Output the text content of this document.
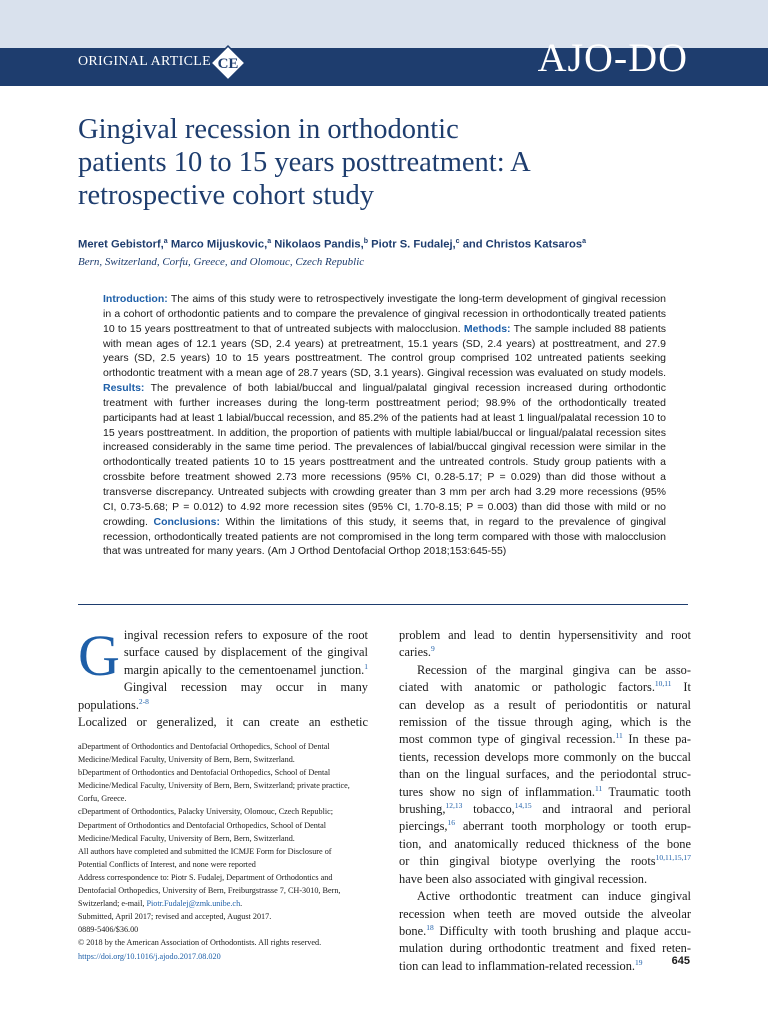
ORIGINAL ARTICLE CE	AJO-DO
Gingival recession in orthodontic
patients 10 to 15 years posttreatment: A
retrospective cohort study
Meret Gebistorf,$^a$ Marco Mijuskovic,$^a$ Nikolaos Pandis,$^b$ Piotr S. Fudalej,$^c$ and Christos Katsaros$^a$
Bern, Switzerland, Corfu, Greece, and Olomouc, Czech Republic

Introduction: The aims of this study were to retrospectively investigate the long-term development of gingival recession in a cohort of orthodontic patients and to compare the prevalence of gingival recession in orthodontically treated patients 10 to 15 years posttreatment to that of untreated subjects with malocclusion. Methods: The sample included 88 patients with mean ages of 12.1 years (SD, 2.4 years) at pretreatment, 15.1 years (SD, 2.4 years) at posttreatment, and 27.9 years (SD, 2.5 years) 10 to 15 years posttreatment. The control group comprised 102 untreated patients seeking orthodontic treatment with a mean age of 28.7 years (SD, 3.1 years). Gingival recession was evaluated on study models. Results: The prevalence of both labial/buccal and lingual/palatal gingival recession increased during orthodontic treatment with further increases during the long-term posttreatment period; 98.9% of the orthodontically treated participants had at least 1 labial/buccal recession, and 85.2% of the patients had at least 1 lingual/palatal recession 10 to 15 years posttreatment. In addition, the proportion of patients with multiple labial/buccal or lingual/palatal recession sites increased considerably in the same time period. The prevalences of labial/buccal gingival recession were similar in the orthodontically treated patients 10 to 15 years posttreatment and the untreated controls. Study group patients with a crossbite before treatment showed 2.73 more recessions (95% CI, 0.28-5.17; P = 0.029) than did those without a transverse discrepancy. Untreated subjects with crowding greater than 3 mm per arch had 3.29 more recessions (95% CI, 0.73-5.68; P = 0.012) to 4.92 more recession sites (95% CI, 1.70-8.15; P = 0.003) than did those with mild or no crowding. Conclusions: Within the limitations of this study, it seems that, in regard to the prevalence of gingival recession, orthodontically treated patients are not compromised in the long term compared with those with malocclusion that was untreated for many years. (Am J Orthod Dentofacial Orthop 2018;153:645-55)

G ingival recession refers to exposure of the root
surface caused by displacement of the gingival
margin apically to the cementoenamel junction.$^1$
Gingival recession may occur in many populations.$^{2-8}$
Localized or generalized, it can create an esthetic
aDepartment of Orthodontics and Dentofacial Orthopedics, School of Dental
Medicine/Medical Faculty, University of Bern, Bern, Switzerland.
bDepartment of Orthodontics and Dentofacial Orthopedics, School of Dental
Medicine/Medical Faculty, University of Bern, Bern, Switzerland; private practice,
Corfu, Greece.
cDepartment of Orthodontics, Palacky University, Olomouc, Czech Republic;
Department of Orthodontics and Dentofacial Orthopedics, School of Dental
Medicine/Medical Faculty, University of Bern, Bern, Switzerland.
All authors have completed and submitted the ICMJE Form for Disclosure of
Potential Conflicts of Interest, and none were reported
Address correspondence to: Piotr S. Fudalej, Department of Orthodontics and
Dentofacial Orthopedics, University of Bern, Freiburgstrasse 7, CH-3010, Bern,
Switzerland; e-mail, Piotr.Fudalej@zmk.unibe.ch.
Submitted, April 2017; revised and accepted, August 2017.
0889-5406/$36.00
© 2018 by the American Association of Orthodontists. All rights reserved.
https://doi.org/10.1016/j.ajodo.2017.08.020
problem and lead to dentin hypersensitivity and root
caries.$^9$
Recession of the marginal gingiva can be asso-
ciated with anatomic or pathologic factors.$^{10,11}$ It
can develop as a result of periodontitis or natural
remission of the tissue through aging, which is the
most common type of gingival recession.$^{11}$ In these pa-
tients, recession develops more commonly on the buccal
than on the lingual surfaces, and the periodontal struc-
tures show no sign of inflammation.$^{11}$ Traumatic tooth
brushing,$^{12,13}$ tobacco,$^{14,15}$ and intraoral and perioral
piercings,$^{16}$ aberrant tooth morphology or tooth erup-
tion, and anatomically reduced thickness of the bone
or thin gingival biotype overlying the roots$^{10,11,15,17}$
have been also associated with gingival recession.
Active orthodontic treatment can induce gingival
recession when teeth are moved outside the alveolar
bone.$^{18}$ Difficulty with tooth brushing and plaque accu-
mulation during orthodontic treatment and fixed reten-
tion can lead to inflammation-related recession.$^{19}$	645
